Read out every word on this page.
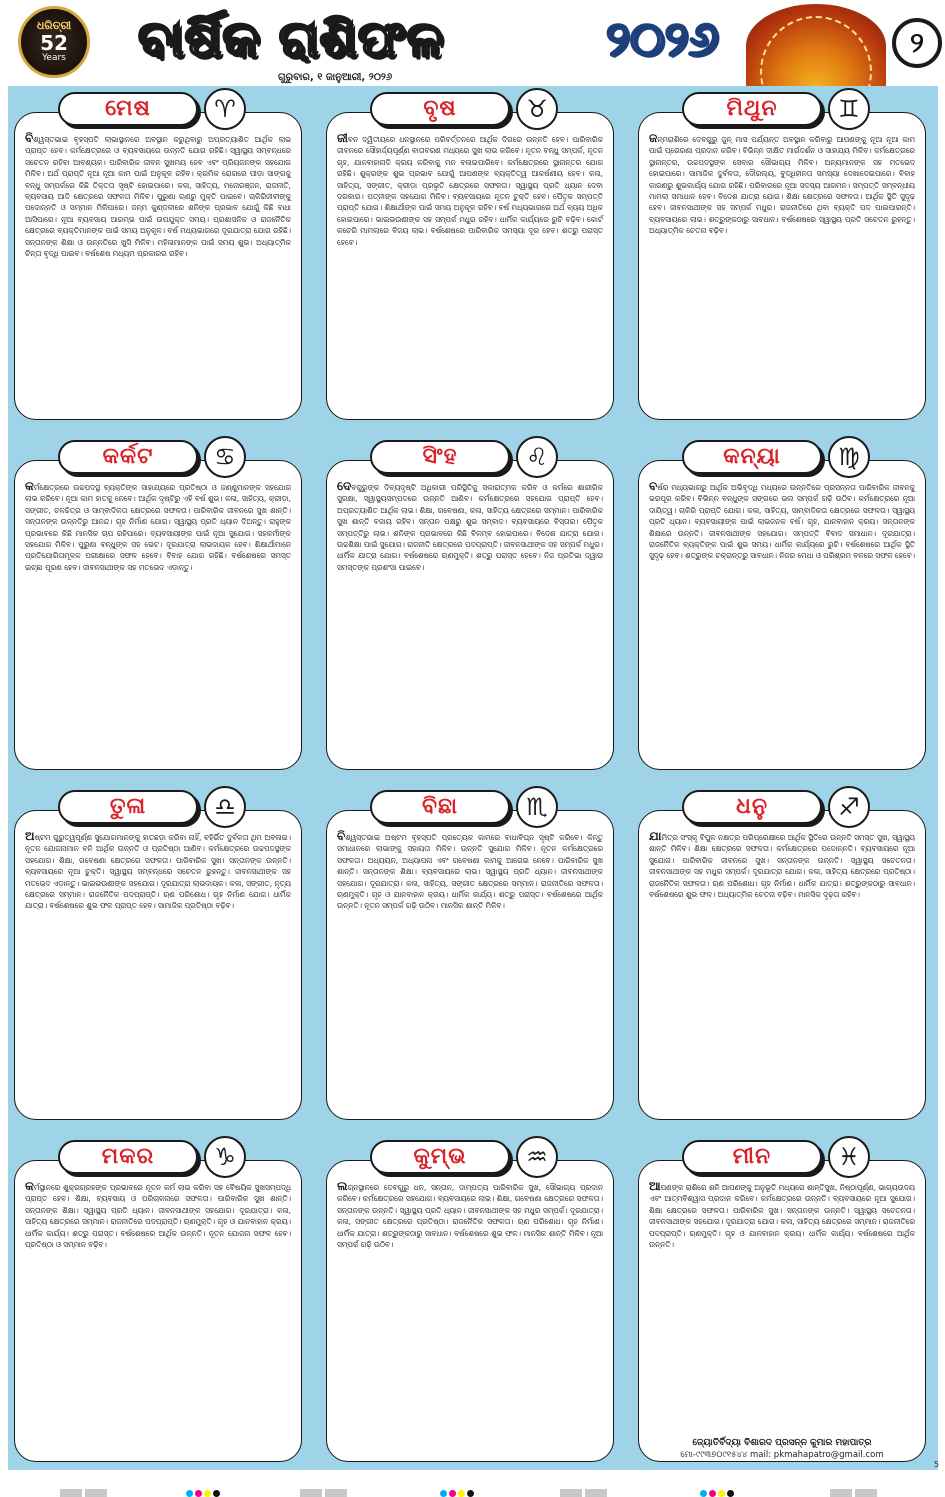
ଧରିତ୍ରୀ
52
Years	ବାର୍ଷିକ ରାଶିଫଳ	୨୦୨୬	୨
ଗୁରୁବାର, ୧ ଜାନୁଆରୀ, ୨୦୨୬
ବିଶ୍ୱସ୍ତଭାଇ ବୃହସ୍ପତି ଲାଭାସ୍ଥାନରେ ଅବସ୍ଥାନ କରୁଥିବାରୁ ଅପ୍ରତ୍ୟାଶିତ ଆର୍ଥିକ ଲାଭ ପ୍ରାପ୍ତ ହେବ। କର୍ମକ୍ଷେତ୍ରରେ ଓ ବ୍ୟବସାୟରେ ଉନ୍ନତି ଯୋଗ ରହିଛି। ସ୍ୱାସ୍ଥ୍ୟ ସମ୍ବନ୍ଧରେ ସଚେତନ ରହିବା ଆବଶ୍ୟକ। ପାରିବାରିକ ଜୀବନ ସୁଖମୟ ହେବ ଏବଂ ପ୍ରିୟଜନଙ୍କ ସହଯୋଗ ମିଳିବ। ଅର୍ଥ ପ୍ରାପ୍ତି ନୂଆ ନୂଆ କାମ ପାଇଁ ଅନୁକୂଳ ରହିବ। କ୍ରମିକ ରୋଗରେ ପୀଡ଼ା ସାଙ୍ଗକୁ ବନ୍ଧୁ ସମ୍ପର୍କରେ କିଛି ତିକ୍ତତା ସୃଷ୍ଟି ହୋଇପାରେ। କଳା, ସାହିତ୍ୟ, ମନୋରଞ୍ଜନ, ରାଜନୀତି, ବ୍ୟବସାୟ ଆଦି କ୍ଷେତ୍ରରେ ସଫଳତା ମିଳିବ। ପୁରୁଣା ଋଣରୁ ମୁକ୍ତି ପାଇବେ। ଚାକିରିଜୀବୀଙ୍କୁ ପଦୋନ୍ନତି ଓ ସମ୍ମାନ ମିଳିପାରେ। ଜନ୍ମ କୁଣ୍ଡଳୀରେ ଶନିଙ୍କ ପ୍ରଭାବ ଯୋଗୁଁ କିଛି ବାଧା ଆସିପାରେ। ନୂଆ ବ୍ୟବସାୟ ଆରମ୍ଭ ପାଇଁ ଉପଯୁକ୍ତ ସମୟ। ପ୍ରଶାସନିକ ଓ ରାଜନୈତିକ କ୍ଷେତ୍ରରେ ବ୍ୟକ୍ତିମାନଙ୍କ ପାଇଁ ସମୟ ଅନୁକୂଳ। ବର୍ଷ ମଧ୍ୟଭାଗରେ ଦୂରଯାତ୍ରା ଯୋଗ ରହିଛି। ସନ୍ତାନଙ୍କ ଶିକ୍ଷା ଓ ଉନ୍ନତିରେ ଖୁସି ମିଳିବ। ମହିଳାମାନଙ୍କ ପାଇଁ ସମୟ ଶୁଭ। ଅଧ୍ୟାତ୍ମିକ ଚିନ୍ତା ବୃଦ୍ଧି ପାଇବ। ବର୍ଷଶେଷ ମଧ୍ୟମ ପ୍ରକାରର ରହିବ।
ମେଷ	♈
ଜୀବନ ଦ୍ୱିତୀୟରେ ଧନସ୍ଥାନରେ ପରିବର୍ତ୍ତନରେ ଆର୍ଥିକ ଦିଗରେ ଉନ୍ନତି ହେବ। ପାରିବାରିକ ଜୀବନରେ ସୌହାର୍ଦ୍ଦ୍ୟପୂର୍ଣ୍ଣ ବାତାବରଣ ମଧ୍ୟରେ ସୁଖ ଲାଭ କରିବେ। ନୂତନ ବନ୍ଧୁ ସମ୍ପର୍କ, ନୂତନ ଗୃହ, ଯାନବାହାନାଦି କ୍ରୟ କରିବାକୁ ମନ ବଳାଇପାରିବେ। କର୍ମକ୍ଷେତ୍ରରେ ସ୍ଥାନାନ୍ତର ଯୋଗ ରହିଛି। ଶୁକ୍ରଙ୍କ ଶୁଭ ପ୍ରଭାବ ଯୋଗୁଁ ଆପଣଙ୍କ ବ୍ୟକ୍ତିତ୍ୱ ଆକର୍ଷଣୀୟ ହେବ। କଳା, ସାହିତ୍ୟ, ସଙ୍ଗୀତ, କ୍ରୀଡ଼ା ପ୍ରଭୃତି କ୍ଷେତ୍ରରେ ସଫଳତା। ସ୍ୱାସ୍ଥ୍ୟ ପ୍ରତି ଧ୍ୟାନ ଦେବା ଦରକାର। ପତ୍ନୀଙ୍କ ସହଯୋଗ ମିଳିବ। ବ୍ୟବସାୟରେ ନୂତନ ଚୁକ୍ତି ହେବ। ପୈତୃକ ସମ୍ପତ୍ତି ପ୍ରାପ୍ତି ଯୋଗ। ଶିକ୍ଷାର୍ଥୀଙ୍କ ପାଇଁ ସମୟ ଅନୁକୂଳ ରହିବ। ବର୍ଷ ମଧ୍ୟଭାଗରେ ଅର୍ଥ ବ୍ୟୟ ଅଧିକ ହୋଇପାରେ। ଭାଇଭଉଣୀଙ୍କ ସହ ସମ୍ପର୍କ ମଧୁର ରହିବ। ଧାର୍ମିକ କାର୍ଯ୍ୟରେ ରୁଚି ବଢ଼ିବ। କୋର୍ଟ କଚେରି ମାମଲାରେ ବିଜୟ ଲାଭ। ବର୍ଷଶେଷରେ ପାରିବାରିକ ସମସ୍ୟା ଦୂର ହେବ। ଶତ୍ରୁ ପରାସ୍ତ ହେବେ।
ବୃଷ	♉
ଜନ୍ମରାଶିରେ ଦେବଗୁରୁ ଜୁନ୍ ମାସ ପର୍ଯ୍ୟନ୍ତ ଅବସ୍ଥାନ କରିବାରୁ ଆପଣଙ୍କୁ ନୂଆ ନୂଆ କାମ ପାଇଁ ପ୍ରେରଣା ପ୍ରଦାନ କରିବ। ବିଭିନ୍ନ ଦୀକ୍ଷିତ ମାର୍ଗଦର୍ଶନ ଓ ସାହାଯ୍ୟ ମିଳିବ। କର୍ମକ୍ଷେତ୍ରରେ ସ୍ଥାନାନ୍ତର, ଉଚ୍ଚପଦସ୍ଥଙ୍କ ସେବାର ସୌଭାଗ୍ୟ ମିଳିବ। ଅନ୍ୟମାନଙ୍କ ସହ ମତଭେଦ ହୋଇପାରେ। ସାମାଜିକ ଦୁର୍ବଳତା, ଦୌରଲ୍ୟ, ବୁଦ୍ଧିହୀନତା ସମସ୍ୟା ଦେଖାଦେଇପାରେ। ବିବାହ କାରଣରୁ ଶୁଭକାର୍ଯ୍ୟ ଯୋଗ ରହିଛି। ପରିବାରରେ ନୂଆ ସଦସ୍ୟ ଆଗମନ। ସମ୍ପତ୍ତି ସମ୍ବନ୍ଧୀୟ ମାମଲା ସମାଧାନ ହେବ। ବିଦେଶ ଯାତ୍ରା ଯୋଗ। ଶିକ୍ଷା କ୍ଷେତ୍ରରେ ସଫଳତା। ଆର୍ଥିକ ସ୍ଥିତି ସୁଦୃଢ଼ ହେବ। ଜୀବନସାଥୀଙ୍କ ସହ ସମ୍ପର୍କ ମଧୁର। ରାଜନୀତିରେ ଥିବା ବ୍ୟକ୍ତି ପଦ ପାଇପାରନ୍ତି। ବ୍ୟବସାୟରେ ଲାଭ। ଶତ୍ରୁଙ୍କଠାରୁ ସାବଧାନ। ବର୍ଷଶେଷରେ ସ୍ୱାସ୍ଥ୍ୟ ପ୍ରତି ସଚେତନ ରୁହନ୍ତୁ। ଅଧ୍ୟାତ୍ମିକ ଚେତନା ବଢ଼ିବ।
ମିଥୁନ	♊
କର୍ମକ୍ଷେତ୍ରରେ ଉଚ୍ଚପଦସ୍ଥ ବ୍ୟକ୍ତିଙ୍କ ସାହାଯ୍ୟରେ ପ୍ରତିଷ୍ଠା ଓ ଜଣ୍ଣୁମାନଙ୍କ ସହଯୋଗ ଲାଭ କରିବେ। ନୂଆ କାମ ହାତକୁ ନେବେ। ଆର୍ଥିକ ଦୃଷ୍ଟିରୁ ଏହି ବର୍ଷ ଶୁଭ। କଳା, ସାହିତ୍ୟ, କ୍ରୀଡ଼ା, ସଙ୍ଗୀତ, ଚଳଚ୍ଚିତ୍ର ଓ ସାମ୍ବାଦିକତା କ୍ଷେତ୍ରରେ ସଫଳତା। ପାରିବାରିକ ଜୀବନରେ ସୁଖ ଶାନ୍ତି। ସନ୍ତାନଙ୍କ ଉନ୍ନତିରୁ ଆନନ୍ଦ। ଗୃହ ନିର୍ମାଣ ଯୋଗ। ସ୍ୱାସ୍ଥ୍ୟ ପ୍ରତି ଧ୍ୟାନ ଦିଅନ୍ତୁ। ରାହୁଙ୍କ ପ୍ରଭାବରେ କିଛି ମାନସିକ ଚାପ ରହିପାରେ। ବ୍ୟବସାୟୀଙ୍କ ପାଇଁ ନୂଆ ସୁଯୋଗ। ସହକର୍ମୀଙ୍କ ସହଯୋଗ ମିଳିବ। ପୁରୁଣା ବନ୍ଧୁଙ୍କ ସହ ଭେଟ। ଦୂରଯାତ୍ରା ଲାଭଦାୟକ ହେବ। ଶିକ୍ଷାର୍ଥୀମାନେ ପ୍ରତିଯୋଗିତାମୂଳକ ପରୀକ୍ଷାରେ ସଫଳ ହେବେ। ବିବାହ ଯୋଗ ରହିଛି। ବର୍ଷଶେଷରେ ସମସ୍ତ ଇଚ୍ଛା ପୂରଣ ହେବ। ଜୀବନସାଥୀଙ୍କ ସହ ମତଭେଦ ଏଡ଼ାନ୍ତୁ।
କର୍କଟ	♋
ଦେବଗୁରୁଙ୍କ ଦିବ୍ୟଦୃଷ୍ଟି ଅଧିକାରୀ ପରିସ୍ଥିତିକୁ ସକାରାତ୍ମକ କରିବ ଓ କର୍ମରେ ଶାରୀରିକ ସୁରକ୍ଷା, ସ୍ୱାସ୍ଥ୍ୟସମ୍ପଦରେ ଉନ୍ନତି ଆଣିବ। କର୍ମକ୍ଷେତ୍ରରେ ସହଯୋଗ ପ୍ରାପ୍ତି ହେବ। ଅପ୍ରତ୍ୟାଶିତ ଆର୍ଥିକ ଲାଭ। ଶିକ୍ଷା, ଗବେଷଣା, କଳା, ସାହିତ୍ୟ କ୍ଷେତ୍ରରେ ସମ୍ମାନ। ପାରିବାରିକ ସୁଖ ଶାନ୍ତି ବଜାୟ ରହିବ। ସନ୍ତାନ ପକ୍ଷରୁ ଶୁଭ ସମ୍ବାଦ। ବ୍ୟବସାୟରେ ବିସ୍ତାର। ପୈତୃକ ସମ୍ପତ୍ତିରୁ ଲାଭ। ଶନିଙ୍କ ପ୍ରଭାବରେ କିଛି ବିଳମ୍ବ ହୋଇପାରେ। ବିଦେଶ ଯାତ୍ରା ଯୋଗ। ଉଚ୍ଚଶିକ୍ଷା ପାଇଁ ସୁଯୋଗ। ରାଜନୀତି କ୍ଷେତ୍ରରେ ପଦପ୍ରାପ୍ତି। ଜୀବନସାଥୀଙ୍କ ସହ ସମ୍ପର୍କ ମଧୁର। ଧାର୍ମିକ ଯାତ୍ରା ଯୋଗ। ବର୍ଷଶେଷରେ ଋଣମୁକ୍ତି। ଶତ୍ରୁ ପରାସ୍ତ ହେବେ। ନିଜ ପ୍ରତିଭା ଦ୍ୱାରା ସମସ୍ତଙ୍କ ପ୍ରଶଂସା ପାଇବେ।
ସିଂହ	♌
ବର୍ଷର ମଧ୍ୟଭାଗରୁ ଆର୍ଥିକ ଅଭିବୃଦ୍ଧି ମଧ୍ୟରେ ଉନ୍ନତିରେ ପ୍ରସନ୍ନତା ପାରିବାରିକ ଜୀବନକୁ ଭରପୂର କରିବ। ବିଭିନ୍ନ ବନ୍ଧୁଙ୍କ ସଙ୍ଗରେ ଭଲ ସମ୍ପର୍କ ଗଢ଼ି ଉଠିବ। କର୍ମକ୍ଷେତ୍ରରେ ନୂଆ ଦାୟିତ୍ୱ। ଚାକିରି ପ୍ରାପ୍ତି ଯୋଗ। କଳା, ସାହିତ୍ୟ, ସାମ୍ବାଦିକତା କ୍ଷେତ୍ରରେ ସଫଳତା। ସ୍ୱାସ୍ଥ୍ୟ ପ୍ରତି ଧ୍ୟାନ। ବ୍ୟବସାୟୀଙ୍କ ପାଇଁ ଲାଭଜନକ ବର୍ଷ। ଗୃହ, ଯାନବାହାନ କ୍ରୟ। ସନ୍ତାନଙ୍କ ଶିକ୍ଷାରେ ଉନ୍ନତି। ଜୀବନସାଥୀଙ୍କ ସହଯୋଗ। ସମ୍ପତ୍ତି ବିବାଦ ସମାଧାନ। ଦୂରଯାତ୍ରା। ରାଜନୈତିକ ବ୍ୟକ୍ତିଙ୍କ ପାଇଁ ଶୁଭ ସମୟ। ଧାର୍ମିକ କାର୍ଯ୍ୟରେ ରୁଚି। ବର୍ଷଶେଷରେ ଆର୍ଥିକ ସ୍ଥିତି ସୁଦୃଢ଼ ହେବ। ଶତ୍ରୁଙ୍କ ଚକ୍ରାନ୍ତରୁ ସାବଧାନ। ନିଜର ମେଧା ଓ ପରିଶ୍ରମ ବଳରେ ସଫଳ ହେବେ।
କନ୍ୟା	♍
ଅଷ୍ଟମ ଗୁରୁତ୍ୱପୂର୍ଣ୍ଣ ସୁଯୋଗମାନଙ୍କୁ ହାତଛଡ଼ା କରିବା ନାହିଁ, ବହିର୍ଭିତ ଦୁର୍ବଳତା ଥିମ ଅବଳାଇ। ନୂତନ ଯୋଜନାମାନ ବନି ଆର୍ଥିକ ଉନ୍ନତି ଓ ପ୍ରତିଷ୍ଠା ଆଣିବ। କର୍ମକ୍ଷେତ୍ରରେ ଉଚ୍ଚପଦସ୍ଥଙ୍କ ସହଯୋଗ। ଶିକ୍ଷା, ଗବେଷଣା କ୍ଷେତ୍ରରେ ସଫଳତା। ପାରିବାରିକ ସୁଖ। ସନ୍ତାନଙ୍କ ଉନ୍ନତି। ବ୍ୟବସାୟରେ ନୂଆ ଚୁକ୍ତି। ସ୍ୱାସ୍ଥ୍ୟ ସମ୍ବନ୍ଧରେ ସଚେତନ ରୁହନ୍ତୁ। ଜୀବନସାଥୀଙ୍କ ସହ ମତଭେଦ ଏଡ଼ାନ୍ତୁ। ଭାଇଭଉଣୀଙ୍କ ସହଯୋଗ। ଦୂରଯାତ୍ରା ଲାଭଦାୟକ। କଳା, ସଙ୍ଗୀତ, ନୃତ୍ୟ କ୍ଷେତ୍ରରେ ସମ୍ମାନ। ରାଜନୈତିକ ପଦପ୍ରାପ୍ତି। ଋଣ ପରିଶୋଧ। ଗୃହ ନିର୍ମାଣ ଯୋଗ। ଧାର୍ମିକ ଯାତ୍ରା। ବର୍ଷଶେଷରେ ଶୁଭ ଫଳ ପ୍ରାପ୍ତ ହେବ। ସାମାଜିକ ପ୍ରତିଷ୍ଠା ବଢ଼ିବ।
ତୁଳା	♎
ବିଶ୍ୱସ୍ତଭାଇ ଅଷ୍ଟମ ବୃହସ୍ପତି ପ୍ରତ୍ୟେକ କାମରେ ବାଧାବିଘ୍ନ ସୃଷ୍ଟି କରିବେ। କିନ୍ତୁ ସମାଧାନରେ ଲାଭାଙ୍କୁ ସହାୟତା ମିଳିବ। ଉନ୍ନତି ସୁଯୋଗ ମିଳିବ। ନୂତନ କର୍ମକ୍ଷେତ୍ରରେ ସଫଳତା। ଅଧ୍ୟୟନ, ଅଧ୍ୟାପନା ଏବଂ ଗବେଷଣା କାମକୁ ଆଗେଇ ନେବେ। ପାରିବାରିକ ସୁଖ ଶାନ୍ତି। ସନ୍ତାନଙ୍କ ଶିକ୍ଷା। ବ୍ୟବସାୟରେ ଲାଭ। ସ୍ୱାସ୍ଥ୍ୟ ପ୍ରତି ଧ୍ୟାନ। ଜୀବନସାଥୀଙ୍କ ସହଯୋଗ। ଦୂରଯାତ୍ରା। କଳା, ସାହିତ୍ୟ, ସଙ୍ଗୀତ କ୍ଷେତ୍ରରେ ସମ୍ମାନ। ରାଜନୀତିରେ ସଫଳତା। ଋଣମୁକ୍ତି। ଗୃହ ଓ ଯାନବାହାନ କ୍ରୟ। ଧାର୍ମିକ କାର୍ଯ୍ୟ। ଶତ୍ରୁ ପରାସ୍ତ। ବର୍ଷଶେଷରେ ଆର୍ଥିକ ଉନ୍ନତି। ନୂତନ ସମ୍ପର୍କ ଗଢ଼ି ଉଠିବ। ମାନସିକ ଶାନ୍ତି ମିଳିବ।
ବିଛା	♏
ଯାମିତ୍ର ସଂସ୍କୃ ବିପୁଳ ନକ୍ଷତ୍ର ପରିପ୍ରେକ୍ଷୀରେ ଆର୍ଥିକ ସ୍ଥିତିରେ ଉନ୍ନତି ସମସ୍ତ ସୁଖ, ସ୍ୱାସ୍ଥ୍ୟ ଶାନ୍ତି ମିଳିବ। ଶିକ୍ଷା କ୍ଷେତ୍ରରେ ସଫଳତା। କର୍ମକ୍ଷେତ୍ରରେ ପଦୋନ୍ନତି। ବ୍ୟବସାୟରେ ନୂଆ ସୁଯୋଗ। ପାରିବାରିକ ଜୀବନରେ ସୁଖ। ସନ୍ତାନଙ୍କ ଉନ୍ନତି। ସ୍ୱାସ୍ଥ୍ୟ ସଚେତନତା। ଜୀବନସାଥୀଙ୍କ ସହ ମଧୁର ସମ୍ପର୍କ। ଦୂରଯାତ୍ରା ଯୋଗ। କଳା, ସାହିତ୍ୟ କ୍ଷେତ୍ରରେ ପ୍ରତିଷ୍ଠା। ରାଜନୈତିକ ସଫଳତା। ଋଣ ପରିଶୋଧ। ଗୃହ ନିର୍ମାଣ। ଧାର୍ମିକ ଯାତ୍ରା। ଶତ୍ରୁଙ୍କଠାରୁ ସାବଧାନ। ବର୍ଷଶେଷରେ ଶୁଭ ଫଳ। ଅଧ୍ୟାତ୍ମିକ ଚେତନା ବଢ଼ିବ। ମାନସିକ ଦୃଢ଼ତା ରହିବ।
ଧନୁ	♐
କର୍ମସ୍ଥାନରେ ଶୁକ୍ରଗ୍ରହଙ୍କ ପ୍ରଭାବରେ ନୂତନ କର୍ମ ଲାଭ କରିବା ସହ ବୈଷୟିକ ସୁଖସମ୍ପଦ୍ଧି ପ୍ରାପ୍ତ ହେବ। ଶିକ୍ଷା, ବ୍ୟବସାୟ ଓ ପରିଚାଳନାରେ ସଫଳତା। ପାରିବାରିକ ସୁଖ ଶାନ୍ତି। ସନ୍ତାନଙ୍କ ଶିକ୍ଷା। ସ୍ୱାସ୍ଥ୍ୟ ପ୍ରତି ଧ୍ୟାନ। ଜୀବନସାଥୀଙ୍କ ସହଯୋଗ। ଦୂରଯାତ୍ରା। କଳା, ସାହିତ୍ୟ କ୍ଷେତ୍ରରେ ସମ୍ମାନ। ରାଜନୀତିରେ ପଦପ୍ରାପ୍ତି। ଋଣମୁକ୍ତି। ଗୃହ ଓ ଯାନବାହାନ କ୍ରୟ। ଧାର୍ମିକ କାର୍ଯ୍ୟ। ଶତ୍ରୁ ପରାସ୍ତ। ବର୍ଷଶେଷରେ ଆର୍ଥିକ ଉନ୍ନତି। ନୂତନ ଯୋଜନା ସଫଳ ହେବ। ପ୍ରତିଷ୍ଠା ଓ ସମ୍ମାନ ବଢ଼ିବ।
ମକର	♑
ଲଗ୍ନସ୍ଥାନରେ ଦେବଗୁରୁ ଧନ, ସନ୍ତାନ, ଦାମ୍ପତ୍ୟ ପାରିବାରିକ ସୁଖ, ସୌଭାଗ୍ୟ ପ୍ରଦାନ କରିବେ। କର୍ମକ୍ଷେତ୍ରରେ ସହଯୋଗ। ବ୍ୟବସାୟରେ ଲାଭ। ଶିକ୍ଷା, ଗବେଷଣା କ୍ଷେତ୍ରରେ ସଫଳତା। ସନ୍ତାନଙ୍କ ଉନ୍ନତି। ସ୍ୱାସ୍ଥ୍ୟ ପ୍ରତି ଧ୍ୟାନ। ଜୀବନସାଥୀଙ୍କ ସହ ମଧୁର ସମ୍ପର୍କ। ଦୂରଯାତ୍ରା। କଳା, ସଙ୍ଗୀତ କ୍ଷେତ୍ରରେ ପ୍ରତିଷ୍ଠା। ରାଜନୈତିକ ସଫଳତା। ଋଣ ପରିଶୋଧ। ଗୃହ ନିର୍ମାଣ। ଧାର୍ମିକ ଯାତ୍ରା। ଶତ୍ରୁଙ୍କଠାରୁ ସାବଧାନ। ବର୍ଷଶେଷରେ ଶୁଭ ଫଳ। ମାନସିକ ଶାନ୍ତି ମିଳିବ। ନୂଆ ସମ୍ପର୍କ ଗଢ଼ି ଉଠିବ।
କୁମ୍ଭ	♒
ଆପଣଙ୍କ ରାଶିରେ ଶନି ଆପଣଙ୍କୁ ଅନୁଭୂତି ମଧ୍ୟରେ ଶାନ୍ତିସୁଖ, ନିଷ୍ଠାପୂର୍ଣ୍ଣ, ଭାଗ୍ୟଉଦୟ ଏବଂ ଆତ୍ମବିଶ୍ୱାସ ପ୍ରଦାନ କରିବେ। କର୍ମକ୍ଷେତ୍ରରେ ଉନ୍ନତି। ବ୍ୟବସାୟରେ ନୂଆ ସୁଯୋଗ। ଶିକ୍ଷା କ୍ଷେତ୍ରରେ ସଫଳତା। ପାରିବାରିକ ସୁଖ। ସନ୍ତାନଙ୍କ ଉନ୍ନତି। ସ୍ୱାସ୍ଥ୍ୟ ସଚେତନତା। ଜୀବନସାଥୀଙ୍କ ସହଯୋଗ। ଦୂରଯାତ୍ରା ଯୋଗ। କଳା, ସାହିତ୍ୟ କ୍ଷେତ୍ରରେ ସମ୍ମାନ। ରାଜନୀତିରେ ପଦପ୍ରାପ୍ତି। ଋଣମୁକ୍ତି। ଗୃହ ଓ ଯାନବାହାନ କ୍ରୟ। ଧାର୍ମିକ କାର୍ଯ୍ୟ। ବର୍ଷଶେଷରେ ଆର୍ଥିକ ଉନ୍ନତି।
ଜ୍ୟୋତିର୍ବିଦ୍ୟା ବିଶାରଦ ପ୍ରସନ୍ନ କୁମାର ମହାପାତ୍ର
ମୋ-୯୯୩୭୦୯୧୫୪୪ mail: pkmahapatro@gmail.com
ମୀନ	♓
5
